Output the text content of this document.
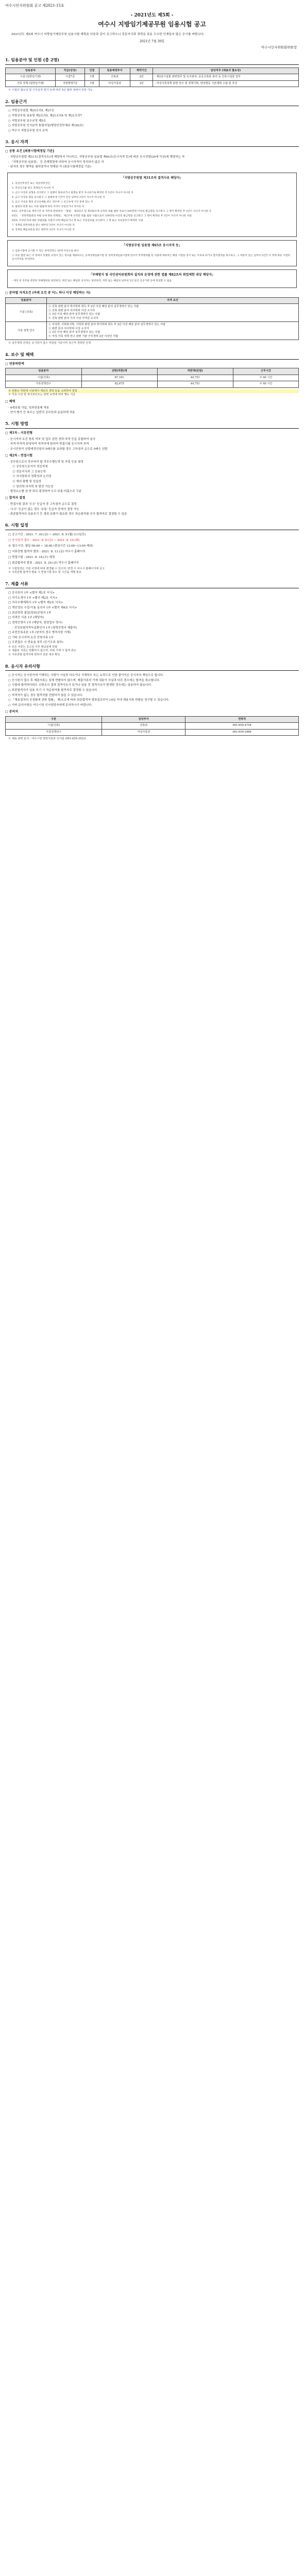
여수시인사위원회 공고 제2021-15호
- 2021년도 제5회 -
여수시 지방임기제공무원 임용시험 공고

2021년도 제5회 여수시 지방임기제공무원 임용시험 계획을 다음과 같이 공고하오니 전문지식과 경력을 갖춘 우수한 인재들의 많은 응시를 바랍니다.

2021년 7월 30일
여수시인사위원회위원장
1. 임용분야 및 인원 (총 2명)
임용분야	직급(상당)	인원	임용예정부서	계약기간	담당직무 (채용의 필요성)
시설 (일반임기제)	시설7급	1명	건축과	2년	- 제2종시설물 관련업무 및 유지관리, 공공건축물 관리 등 건축시설물 업무
가족 정책 (일반임기제)	지방행정7급	1명	여성가족과	2년	- 여성가족정책 관련 연구 및 정책기획, 양성평등 기본계획 수립 및 추진
※ 시험의 필요성 및 근무실적 평가 등에 따라 5년 범위 내에서 연장 가능
2. 임용근거
○ 지방공무원법 제25조의5, 제27조
○ 지방공무원 임용령 제3조의5, 제21조의4 및 제21조의7
○ 지방공무원 보수규정 제5조
○ 지방공무원 인사분야 통합지침(행정안전부예규 제182호)
○ 여수시 지방공무원 인사 규칙
3. 응시 자격
□ 공통 요건 [최종시험예정일 기준]
- 지방공무원법 제31조(결격사유)에 해당하지 아니하고, 지방공무원 임용령 제65조(응시자격 등)에 따른 응시연령(20세 이상)에 해당하는 자
- 「지방공무원 임용령」 등 관계법령에 의하여 응시자격이 정지되지 않은 자
- 남자의 경우 병역을 필하였거나 면제된 자 (최종시험예정일 기준)
「지방공무원법 제31조의 결격사유 해당자」
1. 피성년후견인 또는 피한정후견인
2. 파산선고를 받고 복권되지 아니한 자
3. 금고 이상의 실형을 선고받고 그 집행이 종료되거나 집행을 받지 아니하기로 확정된 후 5년이 지나지 아니한 자
4. 금고 이상의 형을 선고받고 그 집행유예 기간이 끝난 날부터 2년이 지나지 아니한 자
5. 금고 이상의 형의 선고유예를 받은 경우에 그 선고유예 기간 중에 있는 자
6. 법원의 판결 또는 다른 법률에 따라 자격이 상실되거나 정지된 자
6의2. 공무원으로 재직기간 중 직무와 관련하여 「형법」 제355조 및 제356조에 규정된 죄를 범한 자로서 300만원 이상의 벌금형을 선고받고 그 형이 확정된 후 2년이 지나지 아니한 자
6의3. 「성폭력범죄의 처벌 등에 관한 특례법」 제2조에 규정된 죄를 범한 사람으로서 100만원 이상의 벌금형을 선고받고 그 형이 확정된 후 3년이 지나지 아니한 사람
6의4. 미성년자에 대한 성범죄를 저질러 파면·해임되거나 형 또는 치료감호를 선고받아 그 형 또는 치료감호가 확정된 사람
7. 징계로 파면처분을 받은 때부터 5년이 지나지 아니한 자
8. 징계로 해임처분을 받은 때부터 3년이 지나지 아니한 자
「지방공무원 임용령 제65조 응시자격 등」
① 임용시험에 응시할 수 있는 최저연령은 20세 이상으로 한다.
② 다른 법령 또는 이 영에서 특별한 규정이 있는 경우를 제외하고는 공개경쟁임용시험 및 경력경쟁임용시험에 있어서 부정행위를 한 사람에 대하여는 해당 시험을 정지 또는 무효로 하거나 합격결정을 취소하고, 그 처분이 있은 날부터 5년간 이 영에 따른 시험의 응시자격을 정지한다.
「부패방지 및 국민권익위원회의 설치와 운영에 관한 법률 제82조의 취업제한 대상 해당자」
- 재직 중 직무와 관련된 부패행위로 당연퇴직, 파면 또는 해임된 공직자는 당연퇴직, 파면 또는 해임된 날부터 5년 동안 공공기관 등에 취업할 수 없음
□ 분야별 자격요건 (아래 요건 중 어느 하나 이상 해당하는 자)
임용분야	자격 요건
시설 (건축)	① 건축 관련 분야 학사학위 취득 후 2년 이상 해당 분야 실무경력이 있는 사람
② 건축 관련 분야 석사학위 이상 소지자
③ 3년 이상 해당 분야 실무경력이 있는 사람
④ 건축 관련 분야 기사 이상 자격증 소지자

가족 정책 연구	① 여성학, 사회복지학, 가족학 관련 분야 학사학위 취득 후 2년 이상 해당 분야 실무경력이 있는 사람
② 관련 분야 석사학위 이상 소지자
③ 3년 이상 해당 분야 실무경력이 있는 사람
④ 여성·가족 정책 연구 관련 기관 근무경력 2년 이상인 사람
※ 실무경력 산정은 응시원서 접수 마감일 기준이며 상근직 경력만 인정
4. 보수 및 혜택
□ 연봉하한액
임용분야	상한(하한)액	하한액(만원)	근무시간
시설(건축)	87,161	44,751	주 40 시간
가족정책연구	82,675	44,751	주 40 시간
※ 연봉은 하한액 이상에서 개인의 경력 등을 고려하여 결정
※ 각종 수당 및 복지포인트는 관련 규정에 따라 별도 지급
□ 혜택
- 4대보험 가입, 성과연봉제 적용
- 연가·병가 등 복무는 일반직 공무원과 동일하게 적용
5. 시험 방법
□ 제1차 : 서류전형
- 응시자격 요건 충족 여부 및 업무 관련 경력·자격 등을 종합하여 심사
- 적격·부적격 판정하여 적격자에 한하여 면접시험 응시자격 부여
- 응시인원이 선발예정인원의 5배수를 초과할 경우 고득점자 순으로 5배수 선발
□ 제2차 : 면접시험
- 공무원으로서 갖추어야 할 직무수행능력 및 자질 등을 평정
① 공무원으로서의 정신자세
② 전문지식과 그 응용능력
③ 의사발표의 정확성과 논리성
④ 예의·품행 및 성실성
⑤ 창의력·의지력 및 발전 가능성
- 평정요소별 상·중·하로 평정하여 우수·보통·미흡으로 구분
□ 합격자 결정
- 면접시험 결과 '우수' 등급자 중 고득점자 순으로 결정
- '우수' 등급이 없는 경우 '보통' 등급자 중에서 결정 가능
- 최종합격자의 임용포기 등 결원 보충이 필요한 경우 차순위자를 추가 합격자로 결정할 수 있음
6. 시험 일정
□ 공고기간 : 2021. 7. 30.(금) ~ 2021. 8. 9.(월) (11일간)
□ 응시원서 접수 : 2021. 8. 6.(금) ~ 2021. 8. 10.(화)
※ 접수시간: 평일 09:00 ~ 18:00 (점심시간 12:00~13:00 제외)
□ 서류전형 합격자 발표 : 2021. 8. 13.(금) 여수시 홈페이지
□ 면접시험 : 2021. 8. 18.(수) 예정
□ 최종합격자 발표 : 2021. 8. 20.(금) 여수시 홈페이지
※ 시험일정은 기관 사정에 따라 변경될 수 있으며, 변경 시 여수시 홈페이지에 공고
※ 서류전형 합격자 발표 시 면접시험 장소 및 시간을 개별 통보
7. 제출 서류
□ 응시원서 1부 <별지 제1호 서식>
□ 자기소개서 1부 <별지 제2호 서식>
□ 직무수행계획서 1부 <별지 제3호 서식>
□ 개인정보 수집·이용 동의서 1부 <별지 제4호 서식>
□ 최종학력 졸업(학위)증명서 1부
□ 자격증 사본 1부 (해당자)
□ 경력증명서 1부 (해당자, 담당업무 명시)
- 건강보험자격득실확인서 1부 (경력증명서 제출자)
□ 주민등록초본 1부 (남자의 경우 병적사항 기재)
□ 기타 응시자격 요건 증빙서류 1부
□ 우편접수 시 반송용 봉투 (등기우표 첨부)
※ 모든 서류는 공고일 이후 발급분에 한함
※ 제출된 서류는 반환하지 않으며, 허위 기재 시 합격 취소
※ 서류전형 합격자에 한하여 원본 대조 확인
8. 응시자 유의사항
○ 응시자는 응시원서에 기재하는 사항이 사실과 다르거나 기재착오 또는 누락으로 인한 불이익은 응시자의 책임으로 합니다.
○ 응시원서 접수 후 제출서류는 일체 반환하지 않으며, 제출서류의 기재 내용이 사실과 다른 경우에는 합격을 취소합니다.
○ 시험에 합격하더라도 신원조사 결과 결격사유가 있거나 임용 전 결격사유가 발생한 경우에는 임용하지 않습니다.
○ 최종합격자가 임용 포기 시 차순위자를 합격자로 결정할 수 있습니다.
○ 적격자가 없는 경우 합격자를 선발하지 않을 수 있습니다.
○ 「채용절차의 공정화에 관한 법률」 제11조에 따라 최종합격자 발표일로부터 14일 이내 채용서류 반환을 청구할 수 있습니다.
○ 기타 문의사항은 여수시청 인사담당자에게 문의하시기 바랍니다.
□ 문의처
구분	담당부서	연락처
시설(건축)	건축과	061-659-4754
가족정책연구	여성가족과	061-659-3466
※ 채용 관련 문의 : 여수시청 행정지원과 인사팀 (061-659-3523)
